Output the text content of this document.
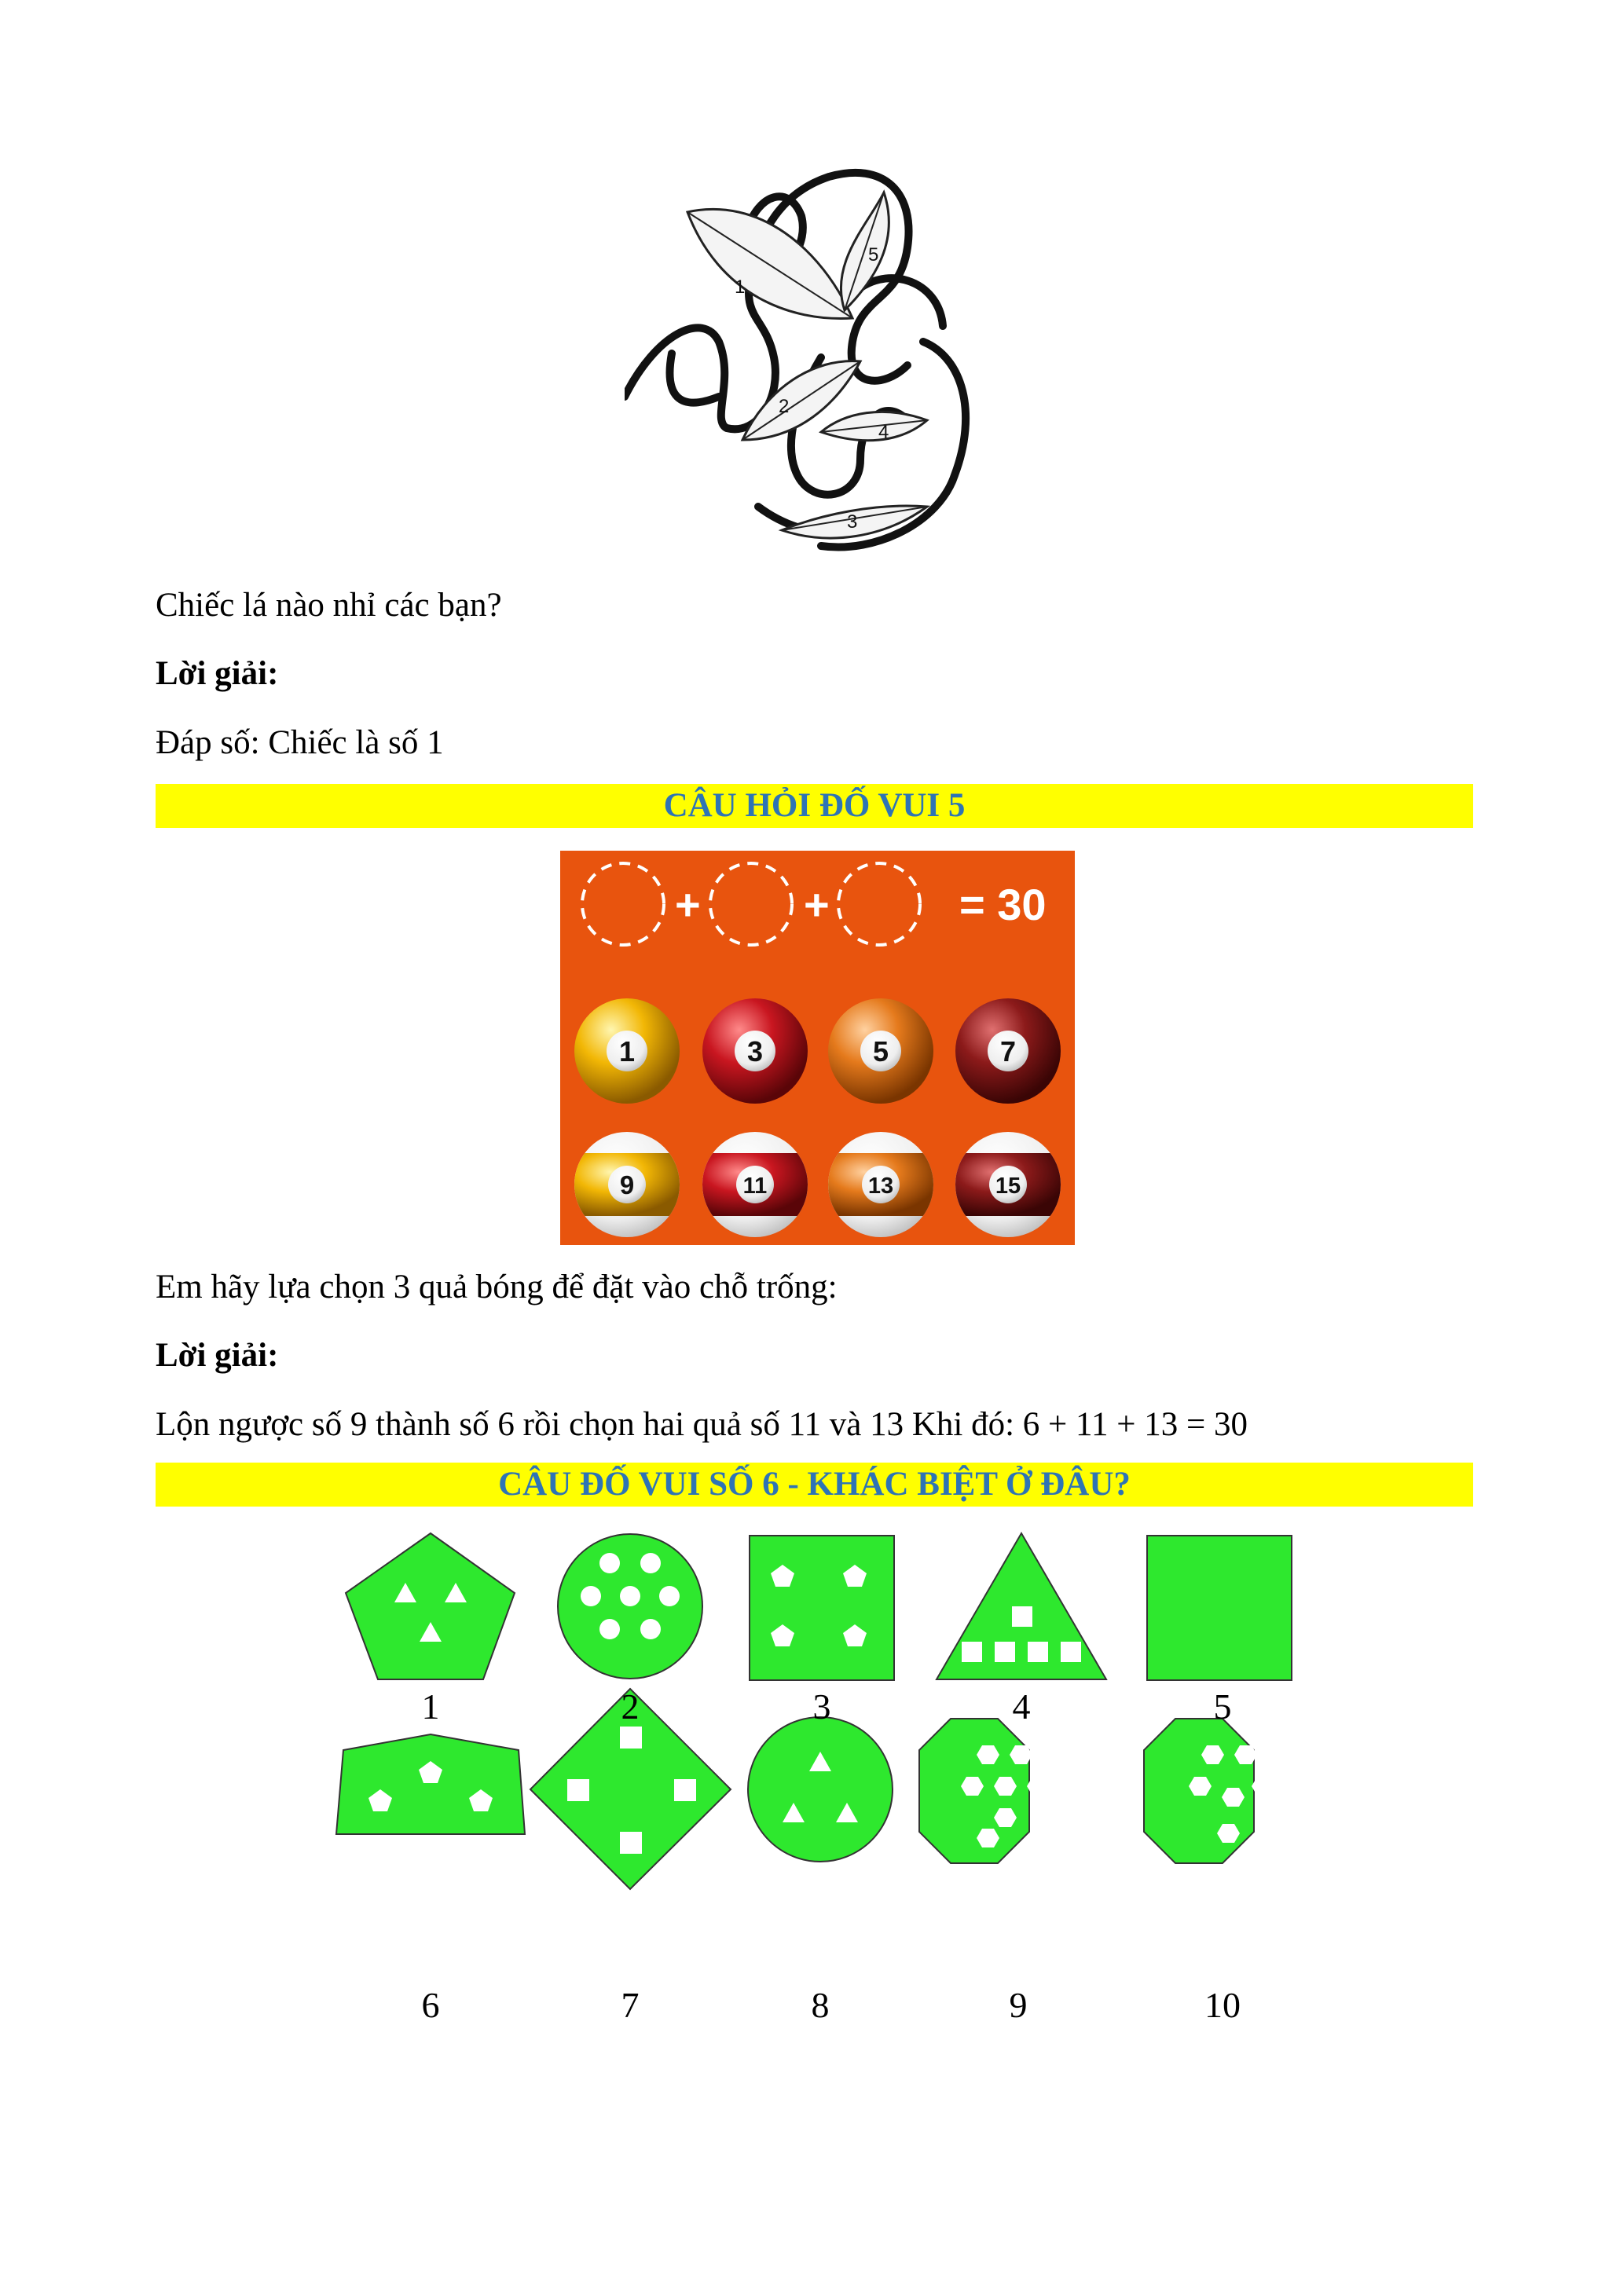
1
5
2
4
3
Chiếc lá nào nhỉ các bạn?
Lời giải:
Đáp số: Chiếc là số 1
CÂU HỎI ĐỐ VUI 5
+ +	= 30
1	3	5	7
9	11	13	15
Em hãy lựa chọn 3 quả bóng để đặt vào chỗ trống:
Lời giải:
Lộn ngược số 9 thành số 6 rồi chọn hai quả số 11 và 13 Khi đó: 6 + 11 + 13 = 30
CÂU ĐỐ VUI SỐ 6 - KHÁC BIỆT Ở ĐÂU?
1	2	3	4	5
6	7	8	9	10
